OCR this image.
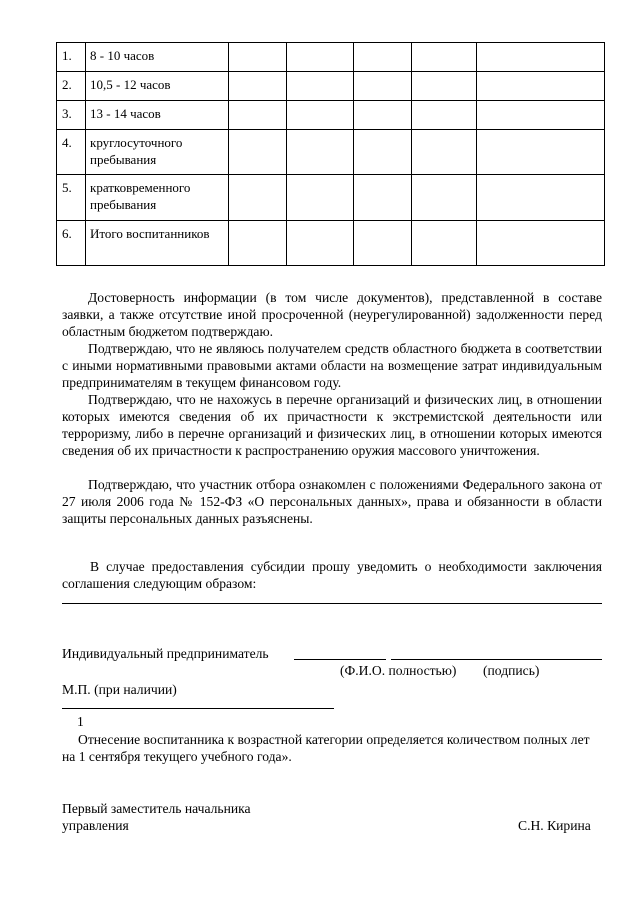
1.	8 - 10 часов					
2.	10,5 - 12 часов					
3.	13 - 14 часов					
4.	круглосуточного пребывания					
5.	кратковременного пребывания					
6.	Итого воспитанников					

Достоверность информации (в том числе документов), представленной в составе заявки, а также отсутствие иной просроченной (неурегулированной) задолженности перед областным бюджетом подтверждаю.

Подтверждаю, что не являюсь получателем средств областного бюджета в соответствии с иными нормативными правовыми актами области на возмещение затрат индивидуальным предпринимателям в текущем финансовом году.

Подтверждаю, что не нахожусь в перечне организаций и физических лиц, в отношении которых имеются сведения об их причастности к экстремистской деятельности или терроризму, либо в перечне организаций и физических лиц, в отношении которых имеются сведения об их причастности к распространению оружия массового уничтожения.

Подтверждаю, что участник отбора ознакомлен с положениями Федерального закона от 27 июля 2006 года № 152-ФЗ «О персональных данных», права и обязанности в области защиты персональных данных разъяснены.

В случае предоставления субсидии прошу уведомить о необходимости заключения соглашения следующим образом:

Индивидуальный предприниматель
(Ф.И.О. полностью) (подпись)
М.П. (при наличии)
1

Отнесение воспитанника к возрастной категории определяется количеством полных лет на 1 сентября текущего учебного года».

Первый заместитель начальника управления	С.Н. Кирина
